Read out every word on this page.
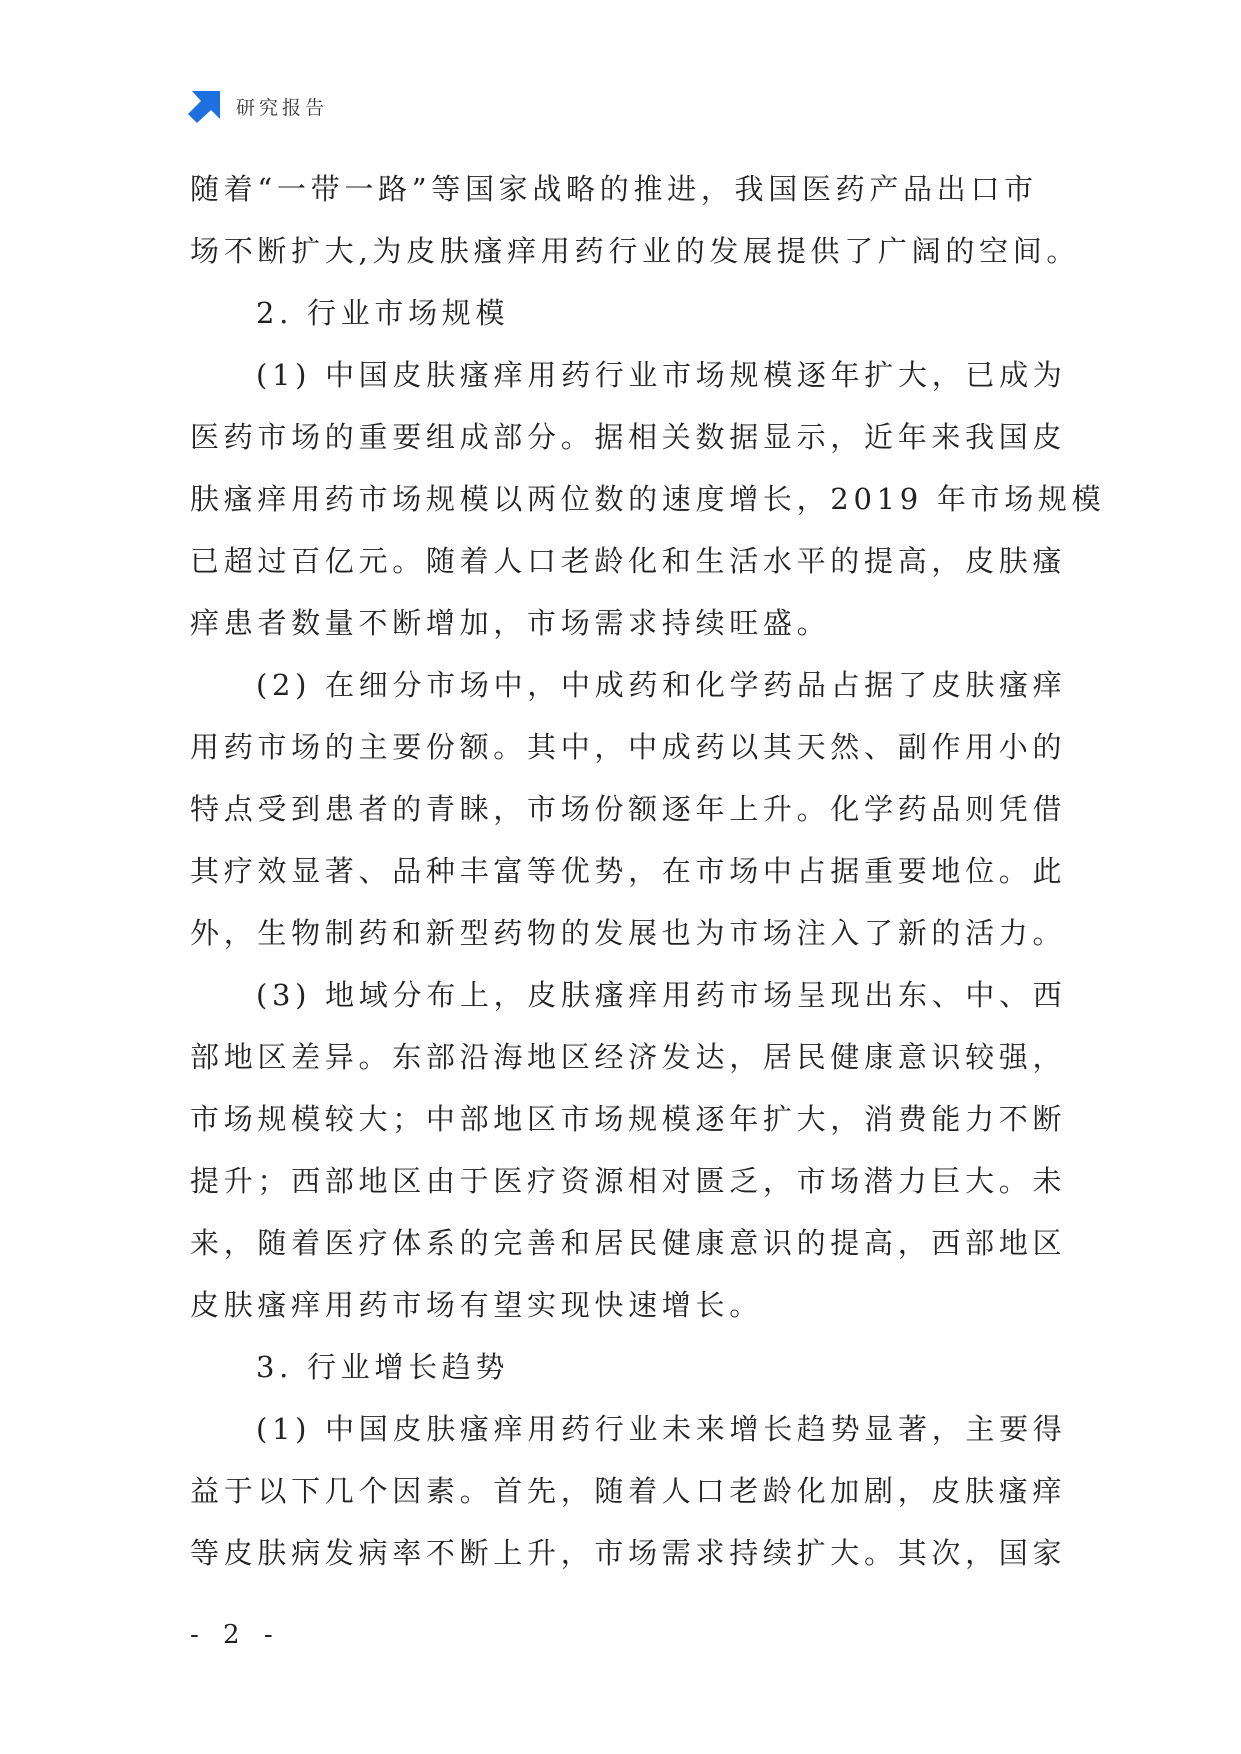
研究报告

随着“一带一路”等国家战略的推进，我国医药产品出口市

场不断扩大,为皮肤瘙痒用药行业的发展提供了广阔的空间。

2. 行业市场规模

(1) 中国皮肤瘙痒用药行业市场规模逐年扩大，已成为

医药市场的重要组成部分。据相关数据显示，近年来我国皮

肤瘙痒用药市场规模以两位数的速度增长，2019 年市场规模

已超过百亿元。随着人口老龄化和生活水平的提高，皮肤瘙

痒患者数量不断增加，市场需求持续旺盛。

(2) 在细分市场中，中成药和化学药品占据了皮肤瘙痒

用药市场的主要份额。其中，中成药以其天然、副作用小的

特点受到患者的青睐，市场份额逐年上升。化学药品则凭借

其疗效显著、品种丰富等优势，在市场中占据重要地位。此

外，生物制药和新型药物的发展也为市场注入了新的活力。

(3) 地域分布上，皮肤瘙痒用药市场呈现出东、中、西

部地区差异。东部沿海地区经济发达，居民健康意识较强，

市场规模较大；中部地区市场规模逐年扩大，消费能力不断

提升；西部地区由于医疗资源相对匮乏，市场潜力巨大。未

来，随着医疗体系的完善和居民健康意识的提高，西部地区

皮肤瘙痒用药市场有望实现快速增长。

3. 行业增长趋势

(1) 中国皮肤瘙痒用药行业未来增长趋势显著，主要得

益于以下几个因素。首先，随着人口老龄化加剧，皮肤瘙痒

等皮肤病发病率不断上升，市场需求持续扩大。其次，国家

- 2 -
